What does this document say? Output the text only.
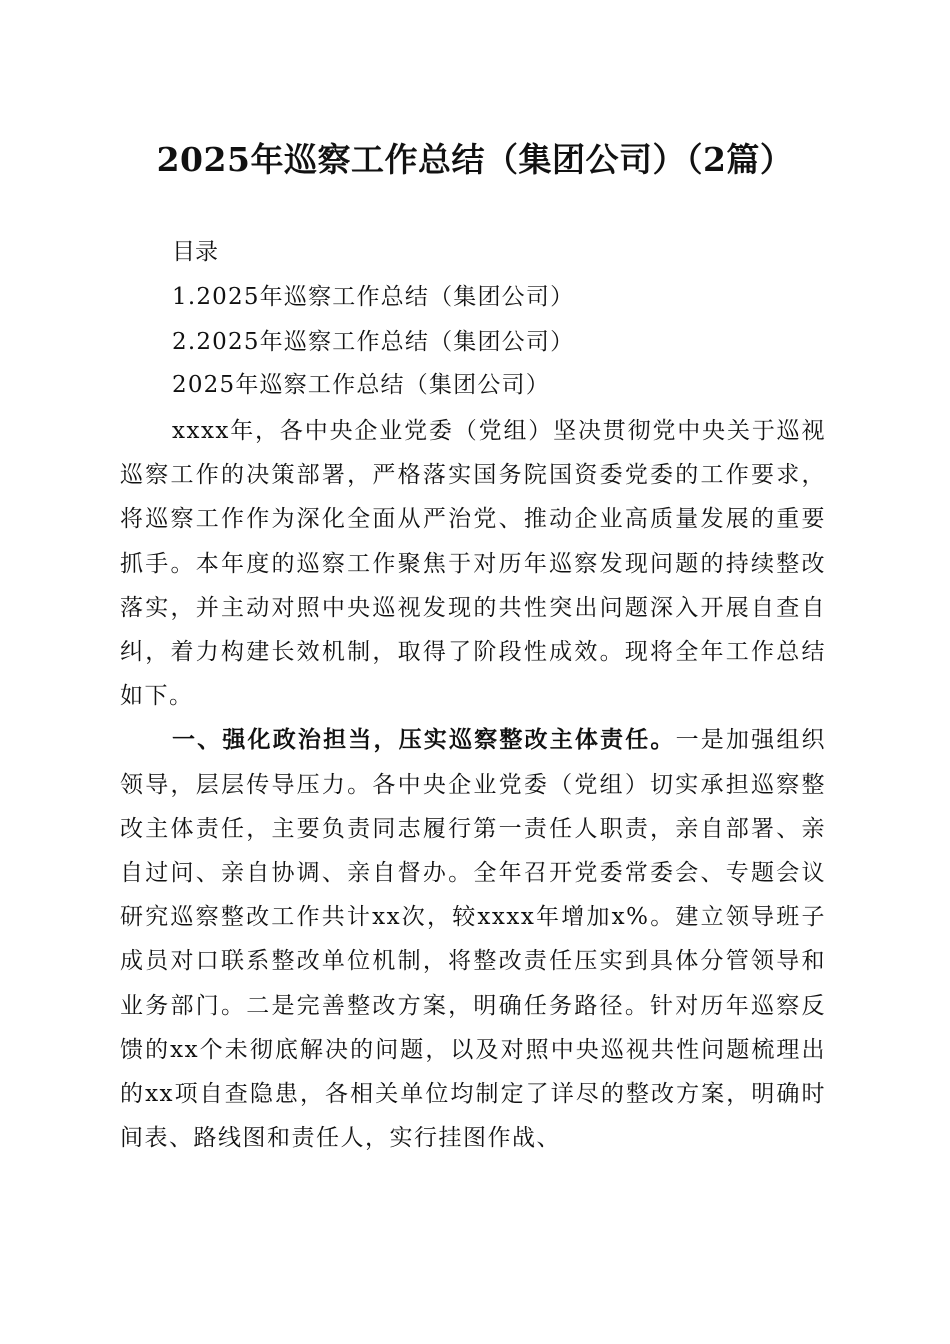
2025年巡察工作总结（集团公司）（2篇）
目录
1.2025年巡察工作总结（集团公司）
2.2025年巡察工作总结（集团公司）
2025年巡察工作总结（集团公司）

xxxx年，各中央企业党委（党组）坚决贯彻党中央关于巡视巡察工作的决策部署，严格落实国务院国资委党委的工作要求，将巡察工作作为深化全面从严治党、推动企业高质量发展的重要抓手。本年度的巡察工作聚焦于对历年巡察发现问题的持续整改落实，并主动对照中央巡视发现的共性突出问题深入开展自查自纠，着力构建长效机制，取得了阶段性成效。现将全年工作总结如下。

一、强化政治担当，压实巡察整改主体责任。一是加强组织领导，层层传导压力。各中央企业党委（党组）切实承担巡察整改主体责任，主要负责同志履行第一责任人职责，亲自部署、亲自过问、亲自协调、亲自督办。全年召开党委常委会、专题会议研究巡察整改工作共计xx次，较xxxx年增加x%。建立领导班子成员对口联系整改单位机制，将整改责任压实到具体分管领导和业务部门。二是完善整改方案，明确任务路径。针对历年巡察反馈的xx个未彻底解决的问题，以及对照中央巡视共性问题梳理出的xx项自查隐患，各相关单位均制定了详尽的整改方案，明确时间表、路线图和责任人，实行挂图作战、
